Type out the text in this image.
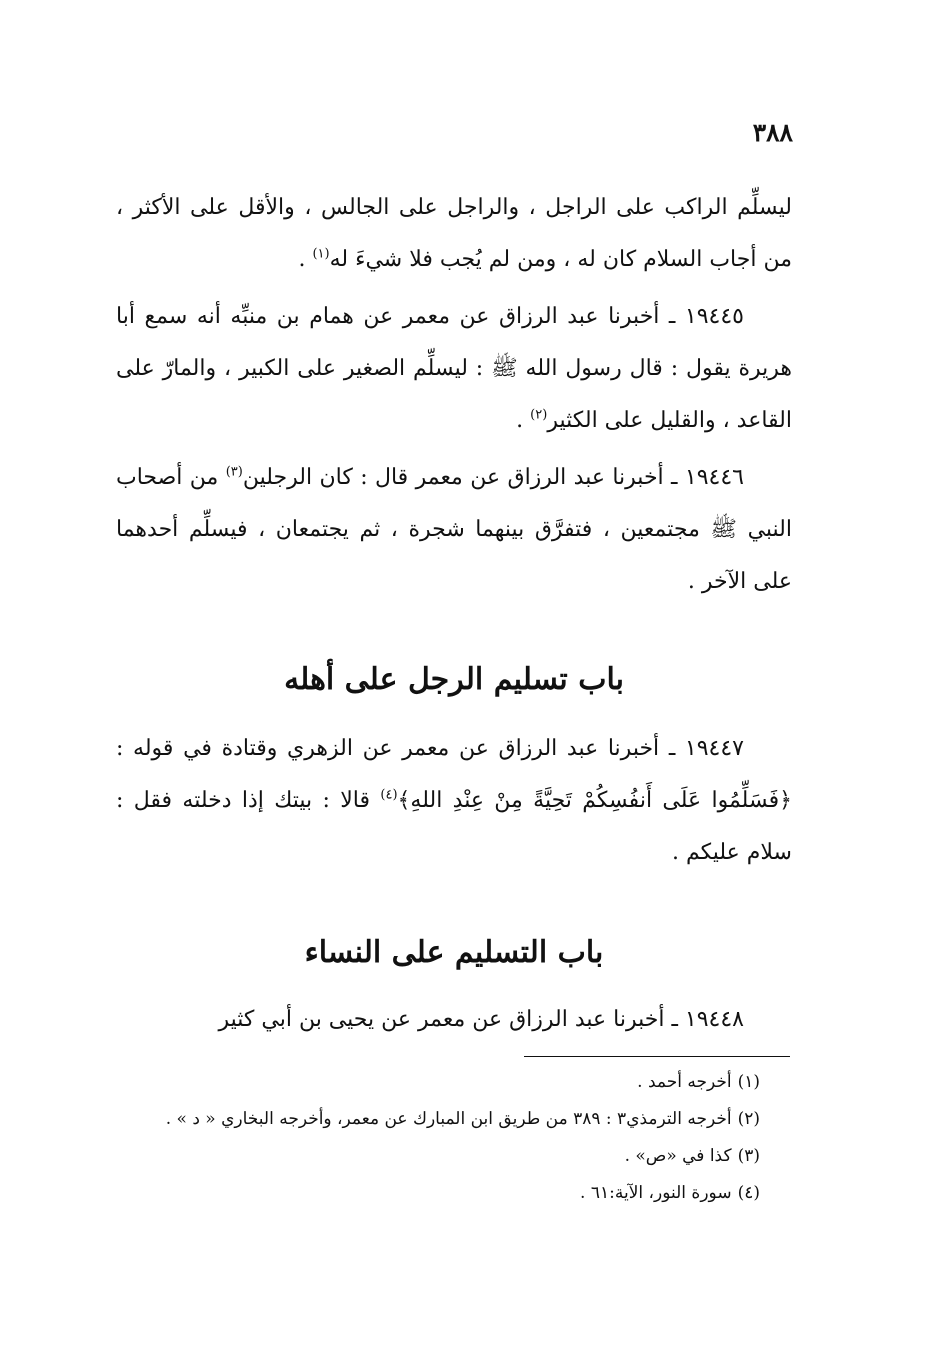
٣٨٨
ليسلِّم الراكب على الراجل ، والراجل على الجالس ، والأقل على الأكثر ، من أجاب السلام كان له ، ومن لم يُجب فلا شيءَ له$^{(١)}$ .
١٩٤٤٥ ـ أخبرنا عبد الرزاق عن معمر عن همام بن منبِّه أنه سمع أبا هريرة يقول : قال رسول الله ﷺ : ليسلِّم الصغير على الكبير ، والمارّ على القاعد ، والقليل على الكثير$^{(٢)}$ .
١٩٤٤٦ ـ أخبرنا عبد الرزاق عن معمر قال : كان الرجلين$^{(٣)}$ من أصحاب النبي ﷺ مجتمعين ، فتفرَّق بينهما شجرة ، ثم يجتمعان ، فيسلِّم أحدهما على الآخر .
باب تسليم الرجل على أهله
١٩٤٤٧ ـ أخبرنا عبد الرزاق عن معمر عن الزهري وقتادة في قوله : ﴿فَسَلِّمُوا عَلَى أَنفُسِكُمْ تَحِيَّةً مِنْ عِنْدِ اللهِ﴾$^{(٤)}$ قالا : بيتك إذا دخلته فقل : سلام عليكم .
باب التسليم على النساء
١٩٤٤٨ ـ أخبرنا عبد الرزاق عن معمر عن يحيى بن أبي كثير

(١)أخرجه أحمد .

(٢)أخرجه الترمذي٣ : ٣٨٩ من طريق ابن المبارك عن معمر، وأخرجه البخاري « د » .

(٣)كذا في «ص» .

(٤)سورة النور، الآية:٦١ .
